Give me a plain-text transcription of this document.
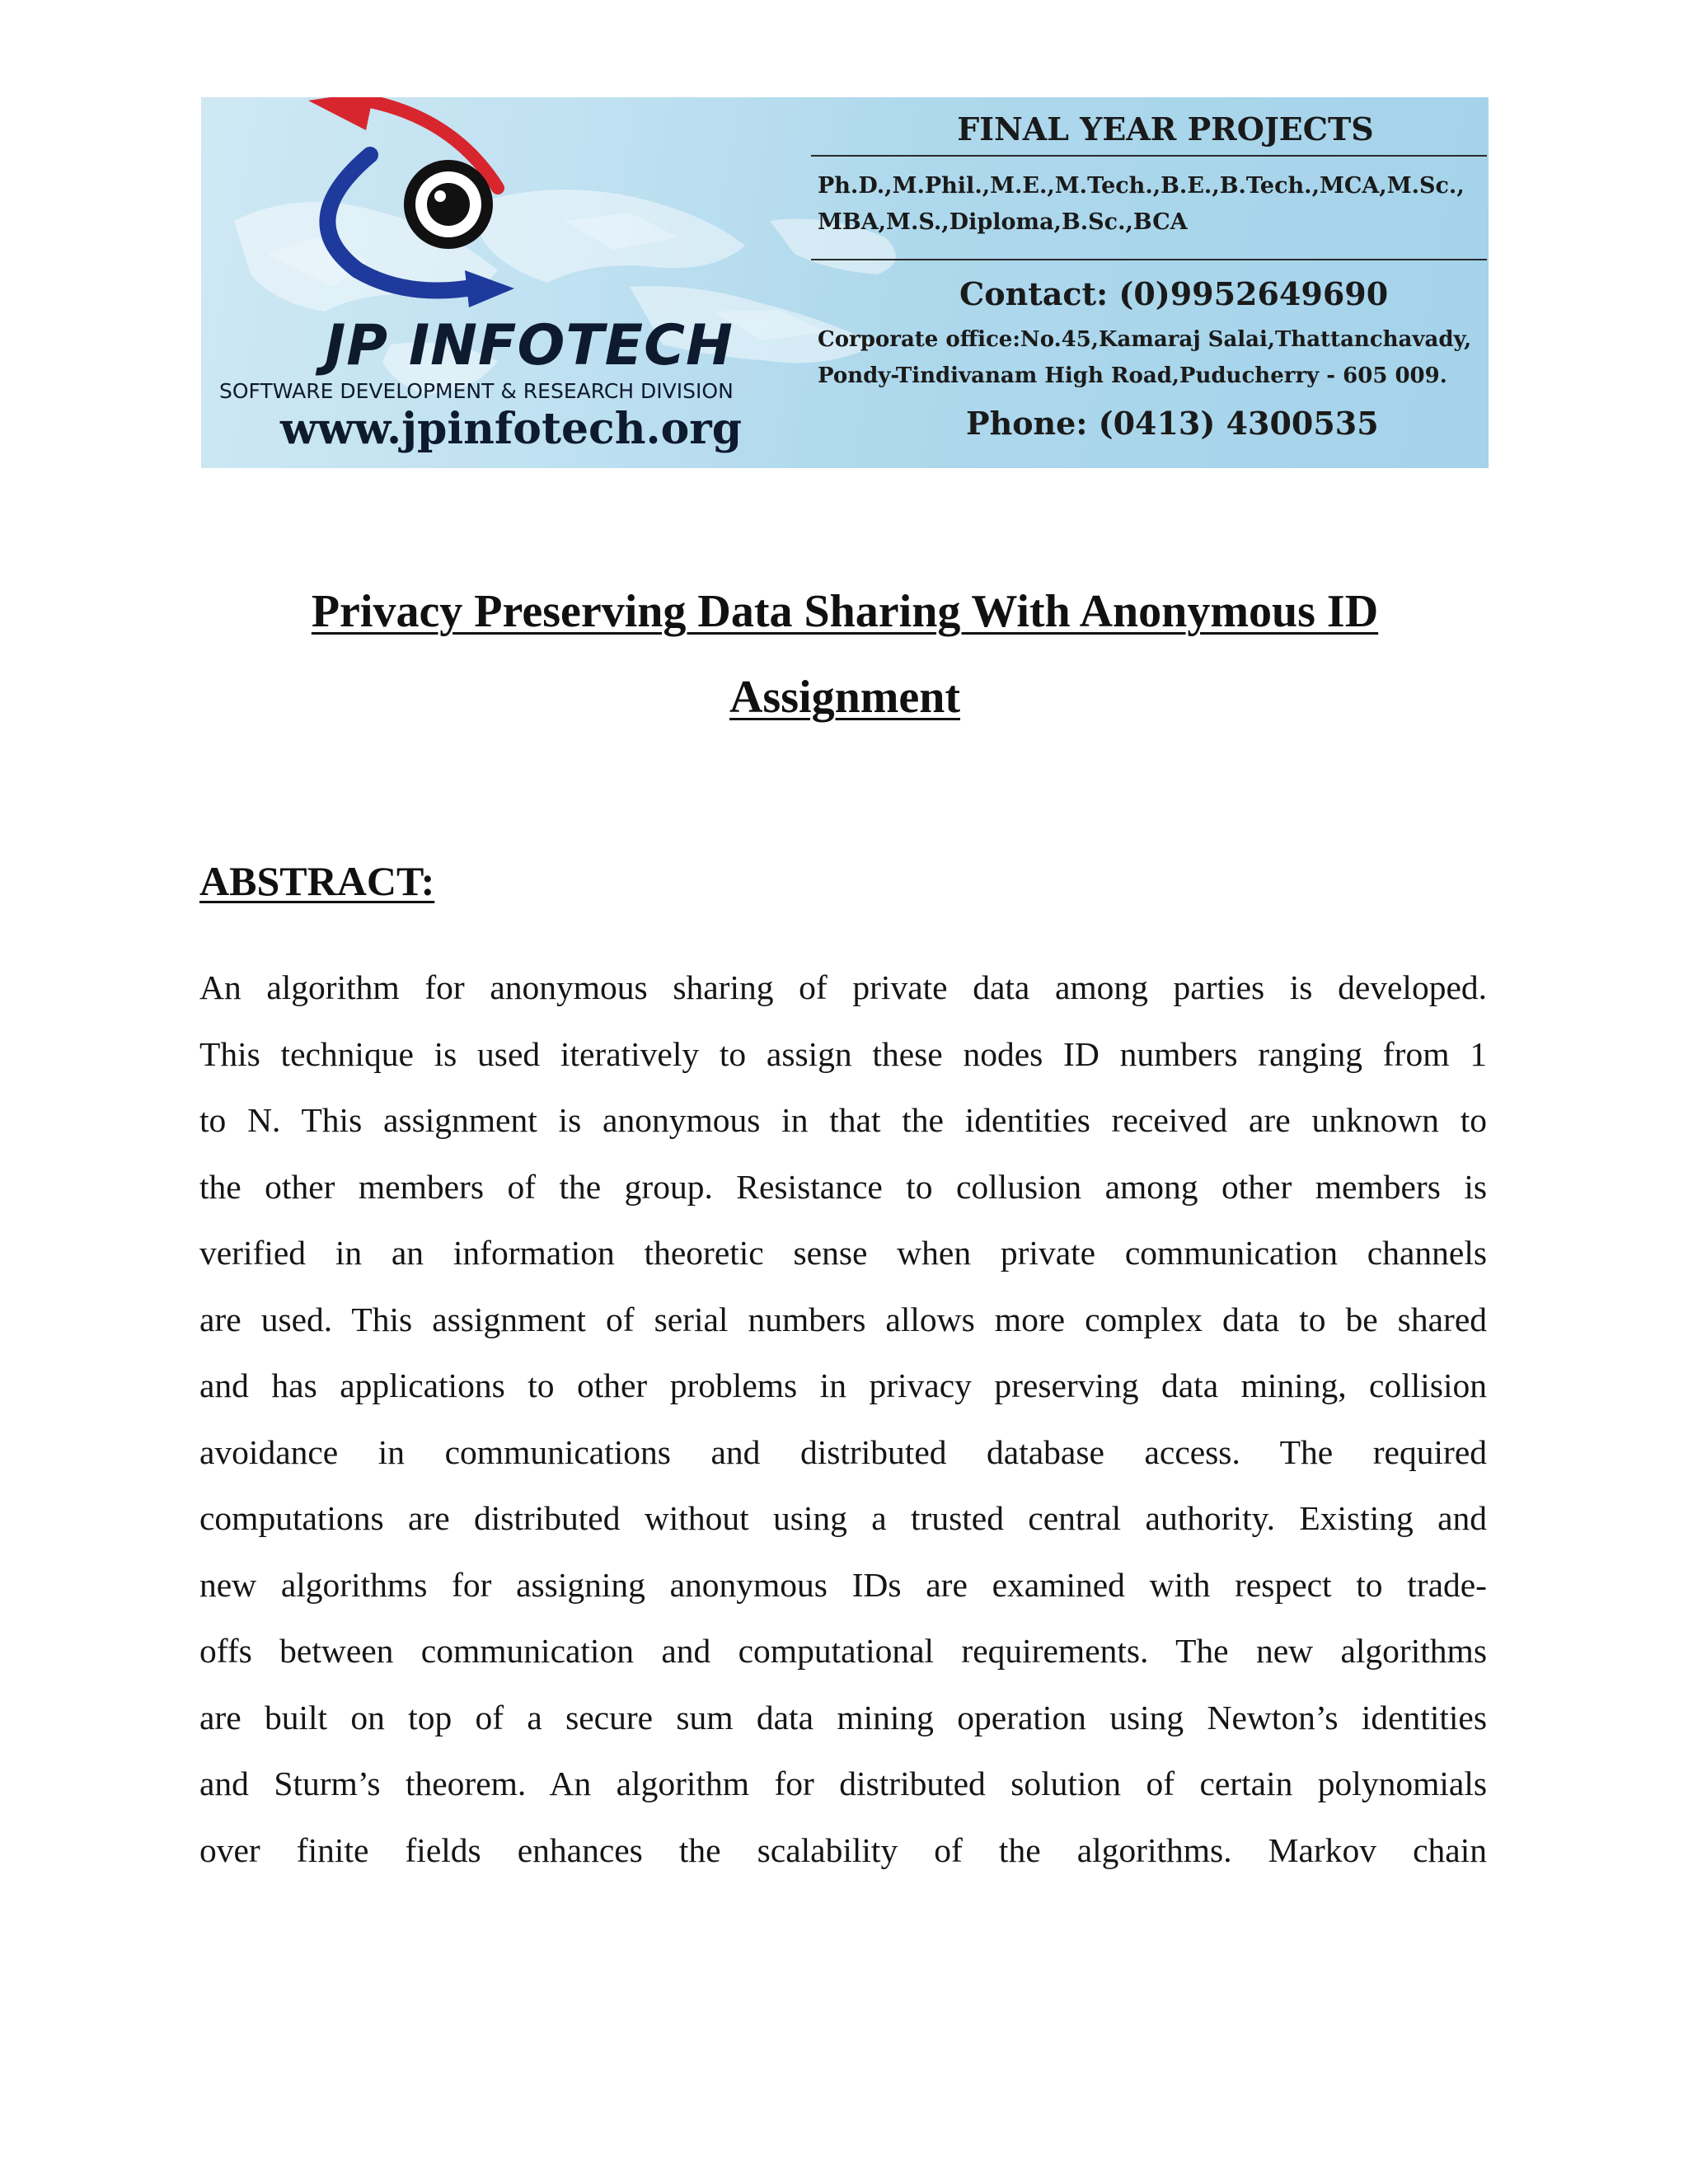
JP INFOTECH
SOFTWARE DEVELOPMENT & RESEARCH DIVISION
www.jpinfotech.org
FINAL YEAR PROJECTS
Ph.D.,M.Phil.,M.E.,M.Tech.,B.E.,B.Tech.,MCA,M.Sc.,
MBA,M.S.,Diploma,B.Sc.,BCA
Contact: (0)9952649690
Corporate office:No.45,Kamaraj Salai,Thattanchavady,
Pondy-Tindivanam High Road,Puducherry - 605 009.
Phone: (0413) 4300535
Privacy Preserving Data Sharing With Anonymous ID Assignment
ABSTRACT:
An algorithm for anonymous sharing of private data among parties is developed.
This technique is used iteratively to assign these nodes ID numbers ranging from 1
to N. This assignment is anonymous in that the identities received are unknown to
the other members of the group. Resistance to collusion among other members is
verified in an information theoretic sense when private communication channels
are used. This assignment of serial numbers allows more complex data to be shared
and has applications to other problems in privacy preserving data mining, collision
avoidance in communications and distributed database access. The required
computations are distributed without using a trusted central authority. Existing and
new algorithms for assigning anonymous IDs are examined with respect to trade-
offs between communication and computational requirements. The new algorithms
are built on top of a secure sum data mining operation using Newton’s identities
and Sturm’s theorem. An algorithm for distributed solution of certain polynomials
over finite fields enhances the scalability of the algorithms. Markov chain
